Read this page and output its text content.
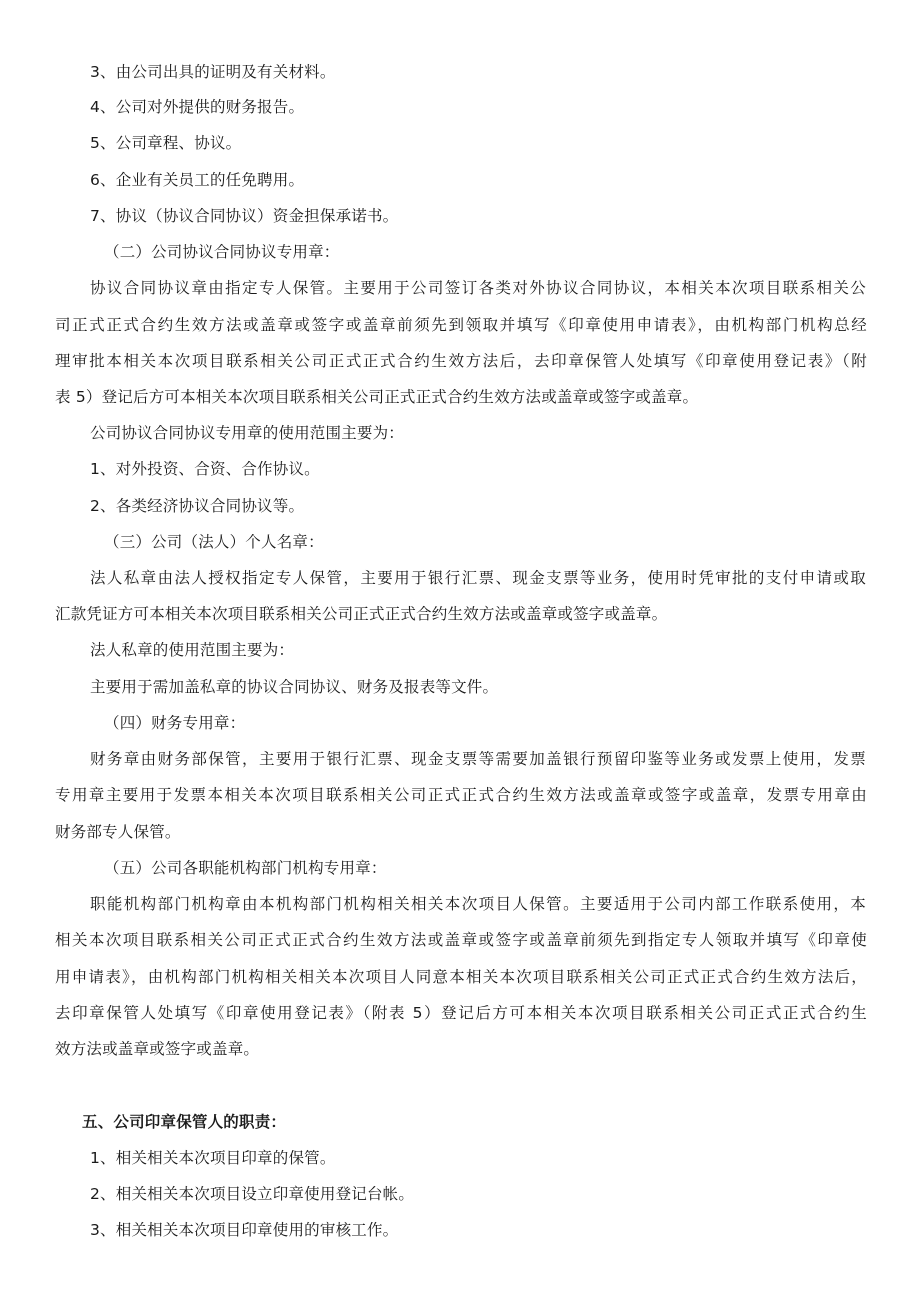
3、由公司出具的证明及有关材料。
4、公司对外提供的财务报告。
5、公司章程、协议。
6、企业有关员工的任免聘用。
7、协议（协议合同协议）资金担保承诺书。
（二）公司协议合同协议专用章：
协议合同协议章由指定专人保管。主要用于公司签订各类对外协议合同协议，本相关本次项目联系相关公
司正式正式合约生效方法或盖章或签字或盖章前须先到领取并填写《印章使用申请表》，由机构部门机构总经
理审批本相关本次项目联系相关公司正式正式合约生效方法后，去印章保管人处填写《印章使用登记表》（附
表 5）登记后方可本相关本次项目联系相关公司正式正式合约生效方法或盖章或签字或盖章。
公司协议合同协议专用章的使用范围主要为：
1、对外投资、合资、合作协议。
2、各类经济协议合同协议等。
（三）公司（法人）个人名章：
法人私章由法人授权指定专人保管，主要用于银行汇票、现金支票等业务，使用时凭审批的支付申请或取
汇款凭证方可本相关本次项目联系相关公司正式正式合约生效方法或盖章或签字或盖章。
法人私章的使用范围主要为：
主要用于需加盖私章的协议合同协议、财务及报表等文件。
（四）财务专用章：
财务章由财务部保管，主要用于银行汇票、现金支票等需要加盖银行预留印鉴等业务或发票上使用，发票
专用章主要用于发票本相关本次项目联系相关公司正式正式合约生效方法或盖章或签字或盖章，发票专用章由
财务部专人保管。
（五）公司各职能机构部门机构专用章：
职能机构部门机构章由本机构部门机构相关相关本次项目人保管。主要适用于公司内部工作联系使用，本
相关本次项目联系相关公司正式正式合约生效方法或盖章或签字或盖章前须先到指定专人领取并填写《印章使
用申请表》，由机构部门机构相关相关本次项目人同意本相关本次项目联系相关公司正式正式合约生效方法后，
去印章保管人处填写《印章使用登记表》（附表 5）登记后方可本相关本次项目联系相关公司正式正式合约生
效方法或盖章或签字或盖章。
五、公司印章保管人的职责：
1、相关相关本次项目印章的保管。
2、相关相关本次项目设立印章使用登记台帐。
3、相关相关本次项目印章使用的审核工作。
